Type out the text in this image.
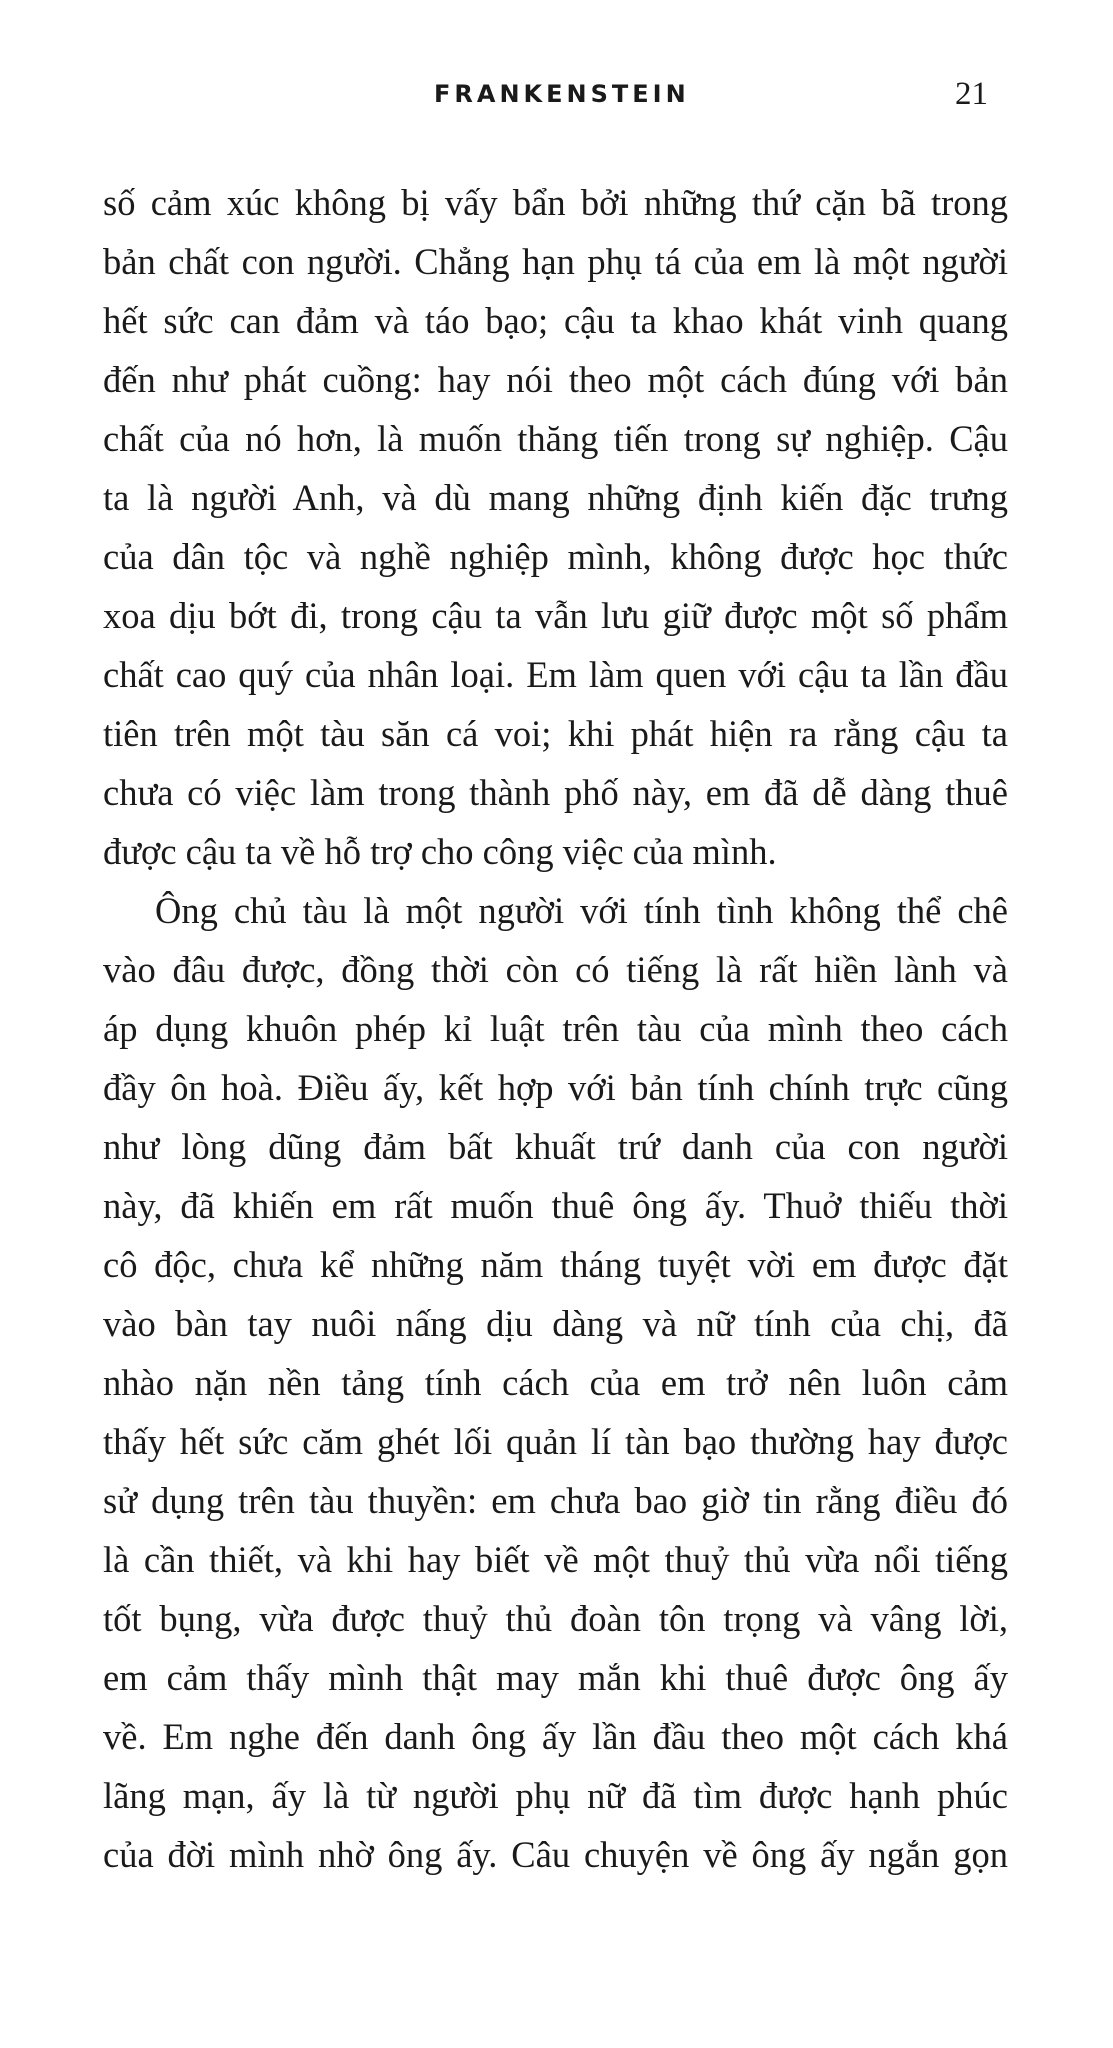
FRANKENSTEIN	21

số cảm xúc không bị vấy bẩn bởi những thứ cặn bã trong
bản chất con người. Chẳng hạn phụ tá của em là một người
hết sức can đảm và táo bạo; cậu ta khao khát vinh quang
đến như phát cuồng: hay nói theo một cách đúng với bản
chất của nó hơn, là muốn thăng tiến trong sự nghiệp. Cậu
ta là người Anh, và dù mang những định kiến đặc trưng
của dân tộc và nghề nghiệp mình, không được học thức
xoa dịu bớt đi, trong cậu ta vẫn lưu giữ được một số phẩm
chất cao quý của nhân loại. Em làm quen với cậu ta lần đầu
tiên trên một tàu săn cá voi; khi phát hiện ra rằng cậu ta
chưa có việc làm trong thành phố này, em đã dễ dàng thuê
được cậu ta về hỗ trợ cho công việc của mình.

Ông chủ tàu là một người với tính tình không thể chê
vào đâu được, đồng thời còn có tiếng là rất hiền lành và
áp dụng khuôn phép kỉ luật trên tàu của mình theo cách
đầy ôn hoà. Điều ấy, kết hợp với bản tính chính trực cũng
như lòng dũng đảm bất khuất trứ danh của con người
này, đã khiến em rất muốn thuê ông ấy. Thuở thiếu thời
cô độc, chưa kể những năm tháng tuyệt vời em được đặt
vào bàn tay nuôi nấng dịu dàng và nữ tính của chị, đã
nhào nặn nền tảng tính cách của em trở nên luôn cảm
thấy hết sức căm ghét lối quản lí tàn bạo thường hay được
sử dụng trên tàu thuyền: em chưa bao giờ tin rằng điều đó
là cần thiết, và khi hay biết về một thuỷ thủ vừa nổi tiếng
tốt bụng, vừa được thuỷ thủ đoàn tôn trọng và vâng lời,
em cảm thấy mình thật may mắn khi thuê được ông ấy
về. Em nghe đến danh ông ấy lần đầu theo một cách khá
lãng mạn, ấy là từ người phụ nữ đã tìm được hạnh phúc
của đời mình nhờ ông ấy. Câu chuyện về ông ấy ngắn gọn
